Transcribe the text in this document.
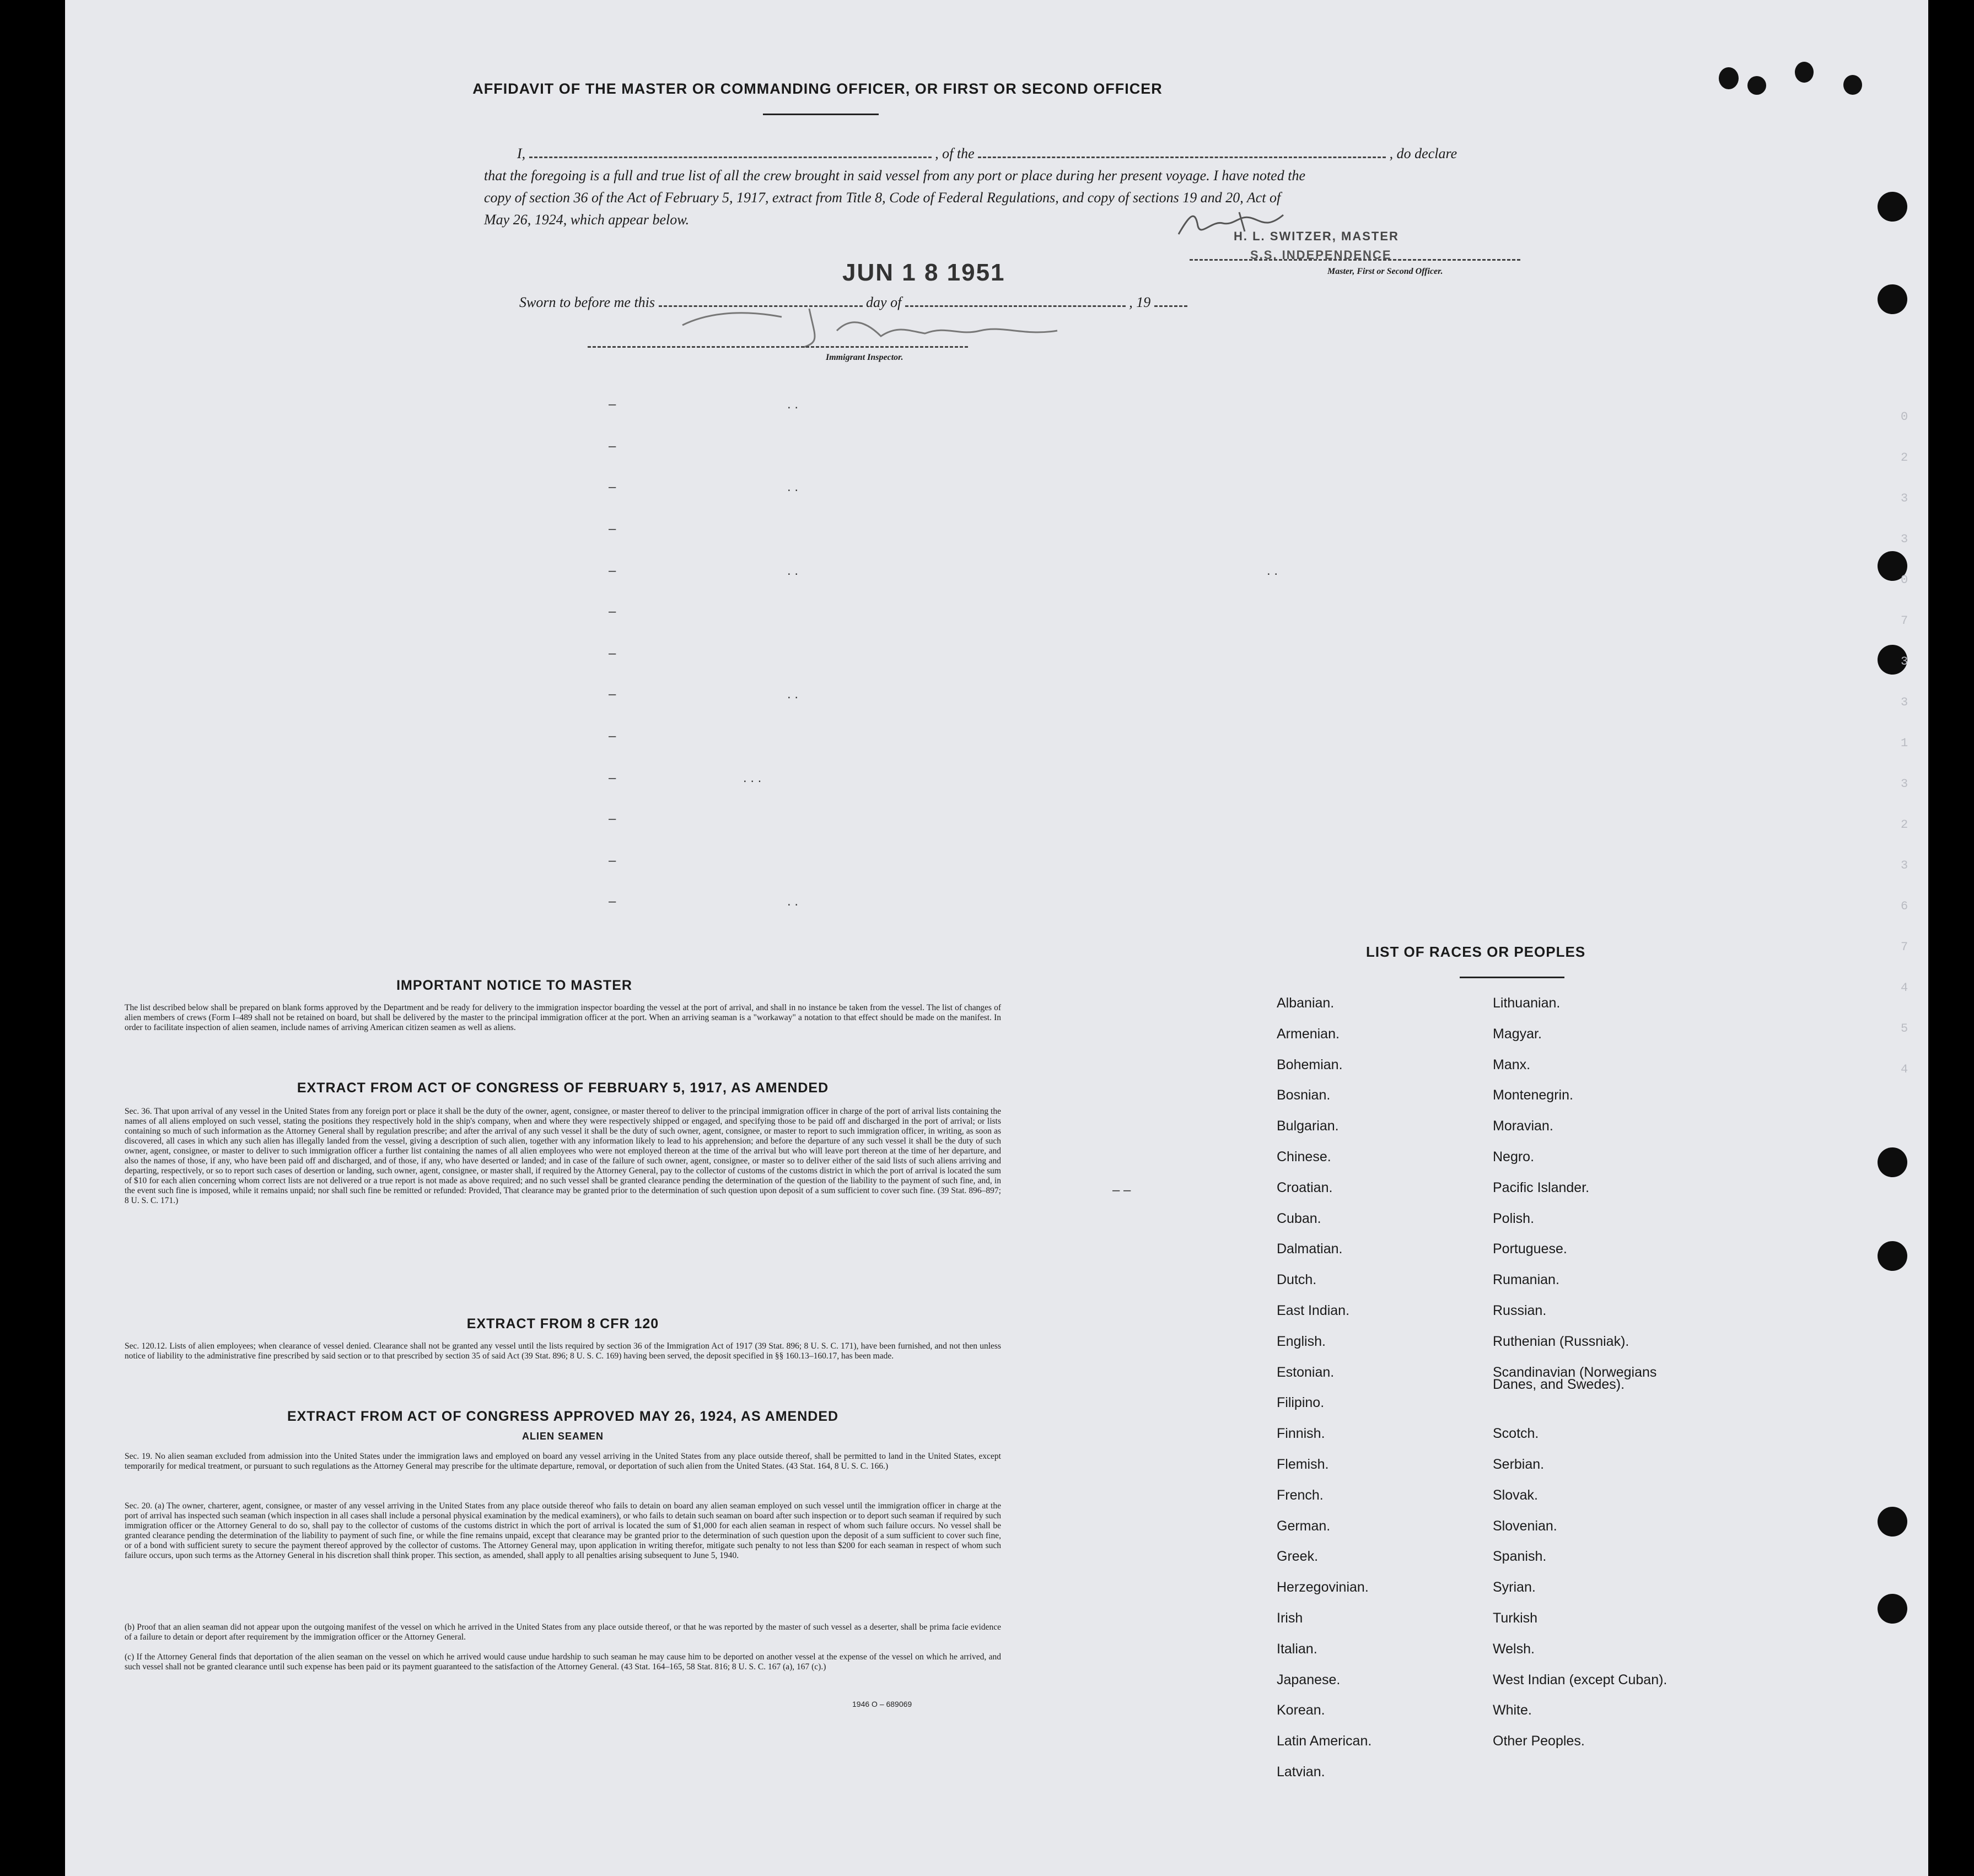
AFFIDAVIT OF THE MASTER OR COMMANDING OFFICER, OR FIRST OR SECOND OFFICER
I,	, of the	, do declare
that the foregoing is a full and true list of all the crew brought in said vessel from any port or place during her present voyage. I have noted the
copy of section 36 of the Act of February 5, 1917, extract from Title 8, Code of Federal Regulations, and copy of sections 19 and 20, Act of
May 26, 1924, which appear below.
H. L. SWITZER, MASTER
S.S. INDEPENDENCE
Master, First or Second Officer.
JUN 1 8 1951
Sworn to before me this	day of	, 19
Immigrant Inspector.
–	. .
–
–	. .
–
–	. .	. .
–
–
–	. .
–
–	. . .
–
–
–	. .
– –
0
2
3
3
0
7
3
3
1
3
2
3
6
7
4
5
4
IMPORTANT NOTICE TO MASTER
The list described below shall be prepared on blank forms approved by the Department and be ready for delivery to the immigration inspector boarding the vessel at the port of arrival, and shall in no instance be taken from the vessel. The list of changes of alien members of crews (Form I–489 shall not be retained on board, but shall be delivered by the master to the principal immigration officer at the port. When an arriving seaman is a "workaway" a notation to that effect should be made on the manifest. In order to facilitate inspection of alien seamen, include names of arriving American citizen seamen as well as aliens.
EXTRACT FROM ACT OF CONGRESS OF FEBRUARY 5, 1917, AS AMENDED
Sec. 36. That upon arrival of any vessel in the United States from any foreign port or place it shall be the duty of the owner, agent, consignee, or master thereof to deliver to the principal immigration officer in charge of the port of arrival lists containing the names of all aliens employed on such vessel, stating the positions they respectively hold in the ship's company, when and where they were respectively shipped or engaged, and specifying those to be paid off and discharged in the port of arrival; or lists containing so much of such information as the Attorney General shall by regulation prescribe; and after the arrival of any such vessel it shall be the duty of such owner, agent, consignee, or master to report to such immigration officer, in writing, as soon as discovered, all cases in which any such alien has illegally landed from the vessel, giving a description of such alien, together with any information likely to lead to his apprehension; and before the departure of any such vessel it shall be the duty of such owner, agent, consignee, or master to deliver to such immigration officer a further list containing the names of all alien employees who were not employed thereon at the time of the arrival but who will leave port thereon at the time of her departure, and also the names of those, if any, who have been paid off and discharged, and of those, if any, who have deserted or landed; and in case of the failure of such owner, agent, consignee, or master so to deliver either of the said lists of such aliens arriving and departing, respectively, or so to report such cases of desertion or landing, such owner, agent, consignee, or master shall, if required by the Attorney General, pay to the collector of customs of the customs district in which the port of arrival is located the sum of $10 for each alien concerning whom correct lists are not delivered or a true report is not made as above required; and no such vessel shall be granted clearance pending the determination of the question of the liability to the payment of such fine, and, in the event such fine is imposed, while it remains unpaid; nor shall such fine be remitted or refunded: Provided, That clearance may be granted prior to the determination of such question upon deposit of a sum sufficient to cover such fine. (39 Stat. 896–897; 8 U. S. C. 171.)
EXTRACT FROM 8 CFR 120
Sec. 120.12. Lists of alien employees; when clearance of vessel denied. Clearance shall not be granted any vessel until the lists required by section 36 of the Immigration Act of 1917 (39 Stat. 896; 8 U. S. C. 171), have been furnished, and not then unless notice of liability to the administrative fine prescribed by said section or to that prescribed by section 35 of said Act (39 Stat. 896; 8 U. S. C. 169) having been served, the deposit specified in §§ 160.13–160.17, has been made.
EXTRACT FROM ACT OF CONGRESS APPROVED MAY 26, 1924, AS AMENDED
ALIEN SEAMEN
Sec. 19. No alien seaman excluded from admission into the United States under the immigration laws and employed on board any vessel arriving in the United States from any place outside thereof, shall be permitted to land in the United States, except temporarily for medical treatment, or pursuant to such regulations as the Attorney General may prescribe for the ultimate departure, removal, or deportation of such alien from the United States. (43 Stat. 164, 8 U. S. C. 166.)
Sec. 20. (a) The owner, charterer, agent, consignee, or master of any vessel arriving in the United States from any place outside thereof who fails to detain on board any alien seaman employed on such vessel until the immigration officer in charge at the port of arrival has inspected such seaman (which inspection in all cases shall include a personal physical examination by the medical examiners), or who fails to detain such seaman on board after such inspection or to deport such seaman if required by such immigration officer or the Attorney General to do so, shall pay to the collector of customs of the customs district in which the port of arrival is located the sum of $1,000 for each alien seaman in respect of whom such failure occurs. No vessel shall be granted clearance pending the determination of the liability to payment of such fine, or while the fine remains unpaid, except that clearance may be granted prior to the determination of such question upon the deposit of a sum sufficient to cover such fine, or of a bond with sufficient surety to secure the payment thereof approved by the collector of customs. The Attorney General may, upon application in writing therefor, mitigate such penalty to not less than $200 for each seaman in respect of whom such failure occurs, upon such terms as the Attorney General in his discretion shall think proper. This section, as amended, shall apply to all penalties arising subsequent to June 5, 1940.
(b) Proof that an alien seaman did not appear upon the outgoing manifest of the vessel on which he arrived in the United States from any place outside thereof, or that he was reported by the master of such vessel as a deserter, shall be prima facie evidence of a failure to detain or deport after requirement by the immigration officer or the Attorney General.
(c) If the Attorney General finds that deportation of the alien seaman on the vessel on which he arrived would cause undue hardship to such seaman he may cause him to be deported on another vessel at the expense of the vessel on which he arrived, and such vessel shall not be granted clearance until such expense has been paid or its payment guaranteed to the satisfaction of the Attorney General. (43 Stat. 164–165, 58 Stat. 816; 8 U. S. C. 167 (a), 167 (c).)
1946 O – 689069
LIST OF RACES OR PEOPLES
Danes, and Swedes).
Albanian.
Armenian.
Bohemian.
Bosnian.
Bulgarian.
Chinese.
Croatian.
Cuban.
Dalmatian.
Dutch.
East Indian.
English.
Estonian.
Filipino.
Finnish.
Flemish.
French.
German.
Greek.
Herzegovinian.
Irish
Italian.
Japanese.
Korean.
Latin American.
Latvian.
Lithuanian.
Magyar.
Manx.
Montenegrin.
Moravian.
Negro.
Pacific Islander.
Polish.
Portuguese.
Rumanian.
Russian.
Ruthenian (Russniak).
Scandinavian (Norwegians
Scotch.
Serbian.
Slovak.
Slovenian.
Spanish.
Syrian.
Turkish
Welsh.
West Indian (except Cuban).
White.
Other Peoples.
